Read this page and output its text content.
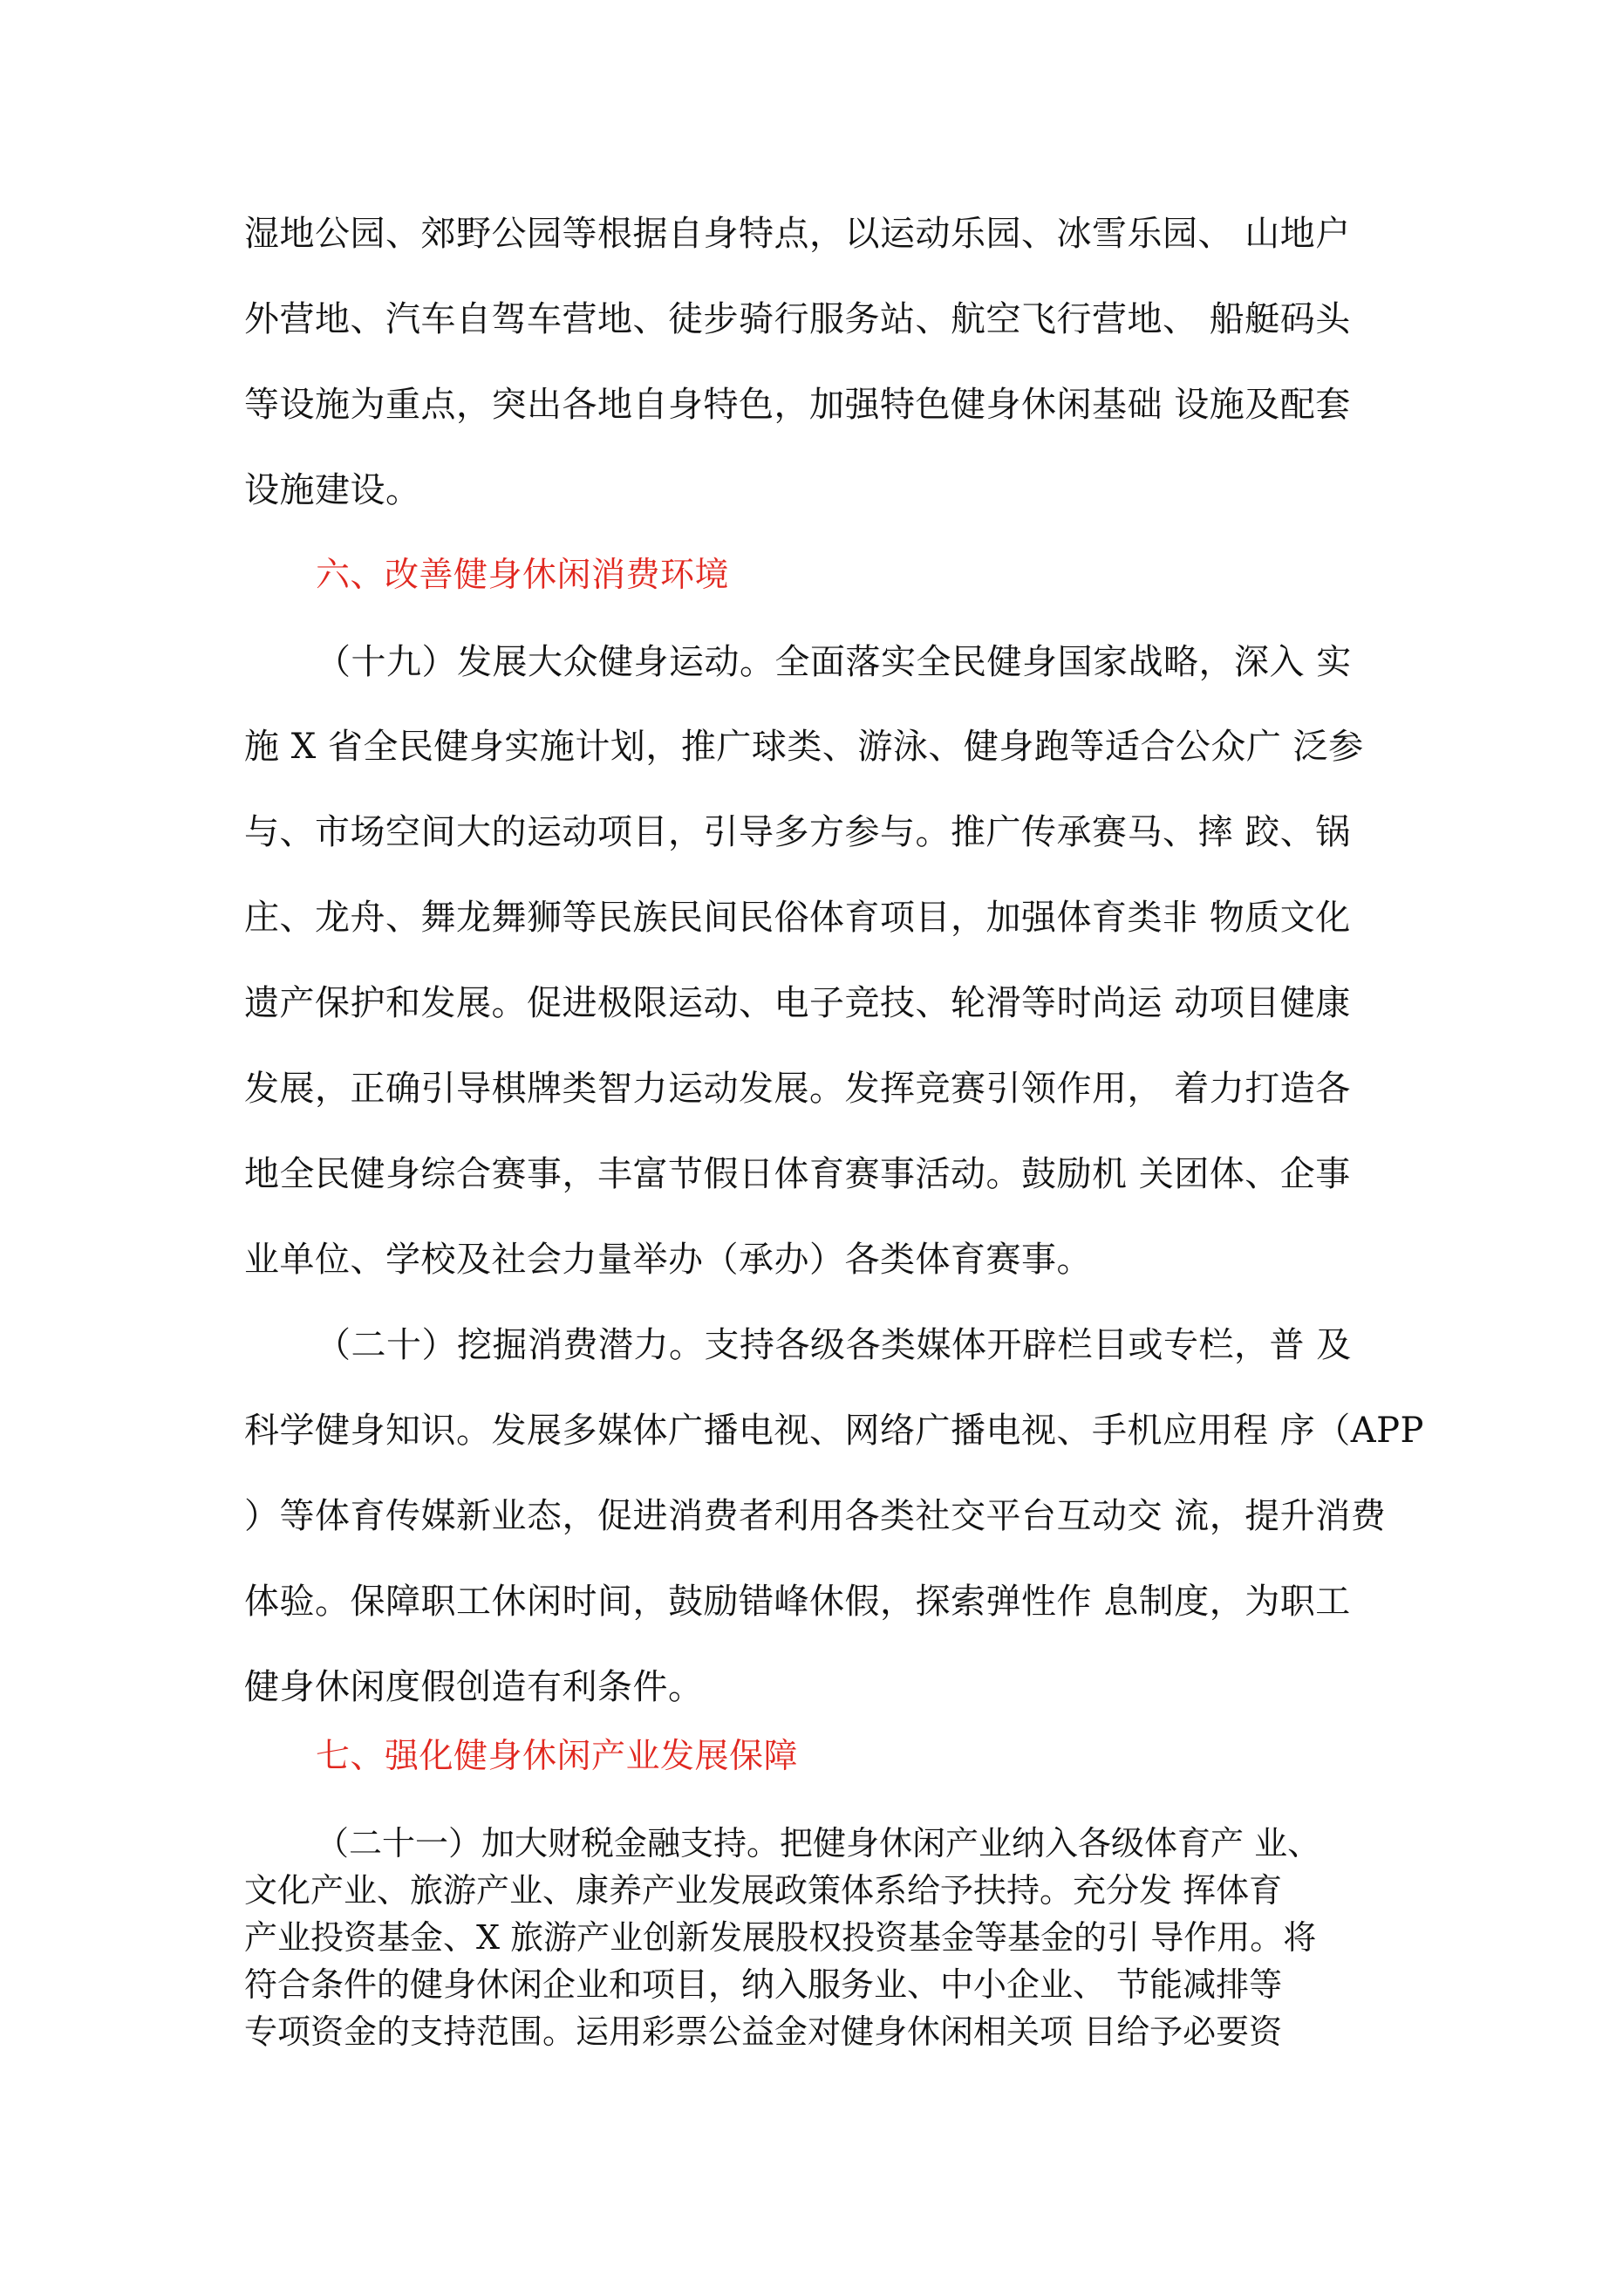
湿地公园、郊野公园等根据自身特点，以运动乐园、冰雪乐园、 山地户
外营地、汽车自驾车营地、徒步骑行服务站、航空飞行营地、 船艇码头
等设施为重点，突出各地自身特色，加强特色健身休闲基础 设施及配套
设施建设。
六、改善健身休闲消费环境
（十九）发展大众健身运动。全面落实全民健身国家战略，深入 实
施 X 省全民健身实施计划，推广球类、游泳、健身跑等适合公众广 泛参
与、市场空间大的运动项目，引导多方参与。推广传承赛马、摔 跤、锅
庄、龙舟、舞龙舞狮等民族民间民俗体育项目，加强体育类非 物质文化
遗产保护和发展。促进极限运动、电子竞技、轮滑等时尚运 动项目健康
发展，正确引导棋牌类智力运动发展。发挥竞赛引领作用， 着力打造各
地全民健身综合赛事，丰富节假日体育赛事活动。鼓励机 关团体、企事
业单位、学校及社会力量举办（承办）各类体育赛事。
（二十）挖掘消费潜力。支持各级各类媒体开辟栏目或专栏，普 及
科学健身知识。发展多媒体广播电视、网络广播电视、手机应用程 序（APP
）等体育传媒新业态，促进消费者利用各类社交平台互动交 流，提升消费
体验。保障职工休闲时间，鼓励错峰休假，探索弹性作 息制度，为职工
健身休闲度假创造有利条件。
七、强化健身休闲产业发展保障
（二十一）加大财税金融支持。把健身休闲产业纳入各级体育产 业、
文化产业、旅游产业、康养产业发展政策体系给予扶持。充分发 挥体育
产业投资基金、X 旅游产业创新发展股权投资基金等基金的引 导作用。将
符合条件的健身休闲企业和项目，纳入服务业、中小企业、 节能减排等
专项资金的支持范围。运用彩票公益金对健身休闲相关项 目给予必要资
